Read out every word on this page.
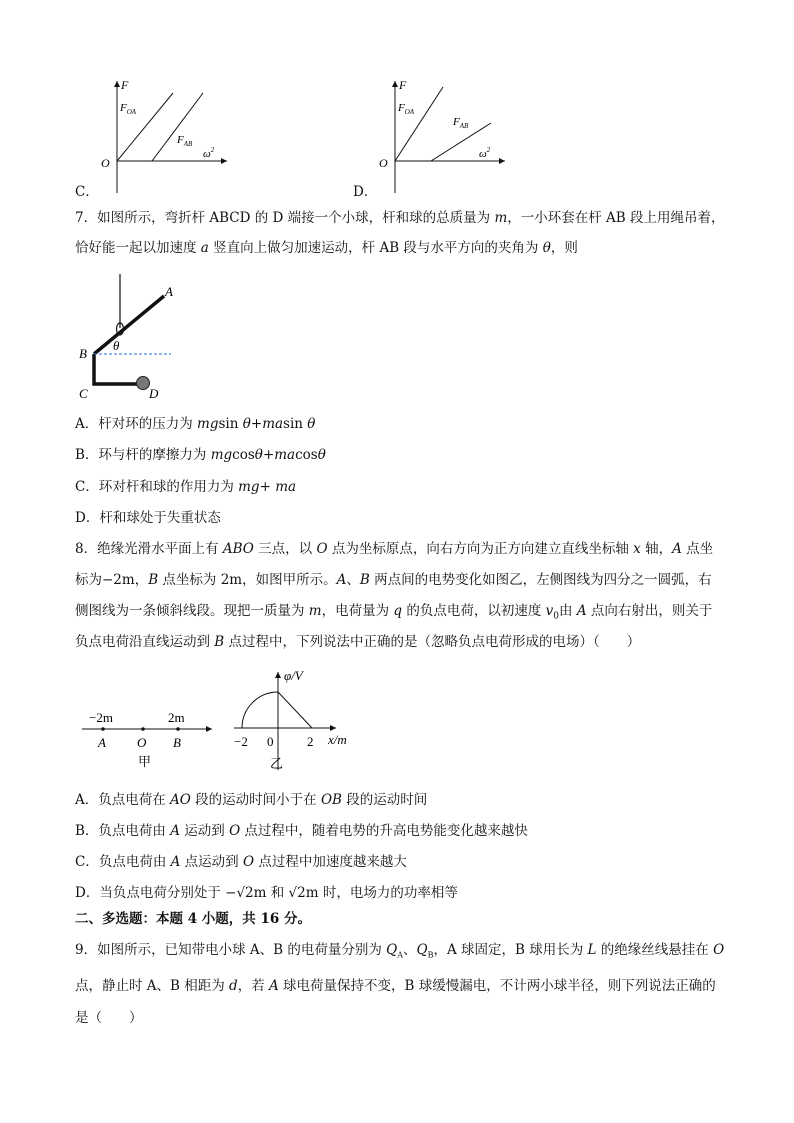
F
O
$F_{OA}$
$F_{AB}$
$\omega^2$
C．
F
O
$F_{OA}$
$F_{AB}$
$\omega^2$
D．
7．如图所示，弯折杆 ABCD 的 D 端接一个小球，杆和球的总质量为 m，一小环套在杆 AB 段上用绳吊着，
恰好能一起以加速度 a 竖直向上做匀加速运动，杆 AB 段与水平方向的夹角为 θ，则
A
B
C	D
θ
A．杆对环的压力为 mgsin θ+masin θ
B．环与杆的摩擦力为 mgcosθ+macosθ
C．环对杆和球的作用力为 mg+ ma
D．杆和球处于失重状态
8．绝缘光滑水平面上有 ABO 三点，以 O 点为坐标原点，向右方向为正方向建立直线坐标轴 x 轴，A 点坐
标为−2m，B 点坐标为 2m，如图甲所示。A、B 两点间的电势变化如图乙，左侧图线为四分之一圆弧，右
侧图线为一条倾斜线段。现把一质量为 m，电荷量为 q 的负点电荷，以初速度 $v_0$由 A 点向右射出，则关于
负点电荷沿直线运动到 B 点过程中，下列说法中正确的是（忽略负点电荷形成的电场）（　　）
−2m	2m
A O B
甲
φ/V
x/m
−2 0	2
乙
A．负点电荷在 AO 段的运动时间小于在 OB 段的运动时间
B．负点电荷由 A 运动到 O 点过程中，随着电势的升高电势能变化越来越快
C．负点电荷由 A 点运动到 O 点过程中加速度越来越大
D．当负点电荷分别处于 −√2m 和 √2m 时，电场力的功率相等
二、多选题：本题 4 小题，共 16 分。
9．如图所示，已知带电小球 A、B 的电荷量分别为 $Q_A$、$Q_B$，A 球固定，B 球用长为 L 的绝缘丝线悬挂在 O
点，静止时 A、B 相距为 d，若 A 球电荷量保持不变，B 球缓慢漏电，不计两小球半径，则下列说法正确的
是（　　）
